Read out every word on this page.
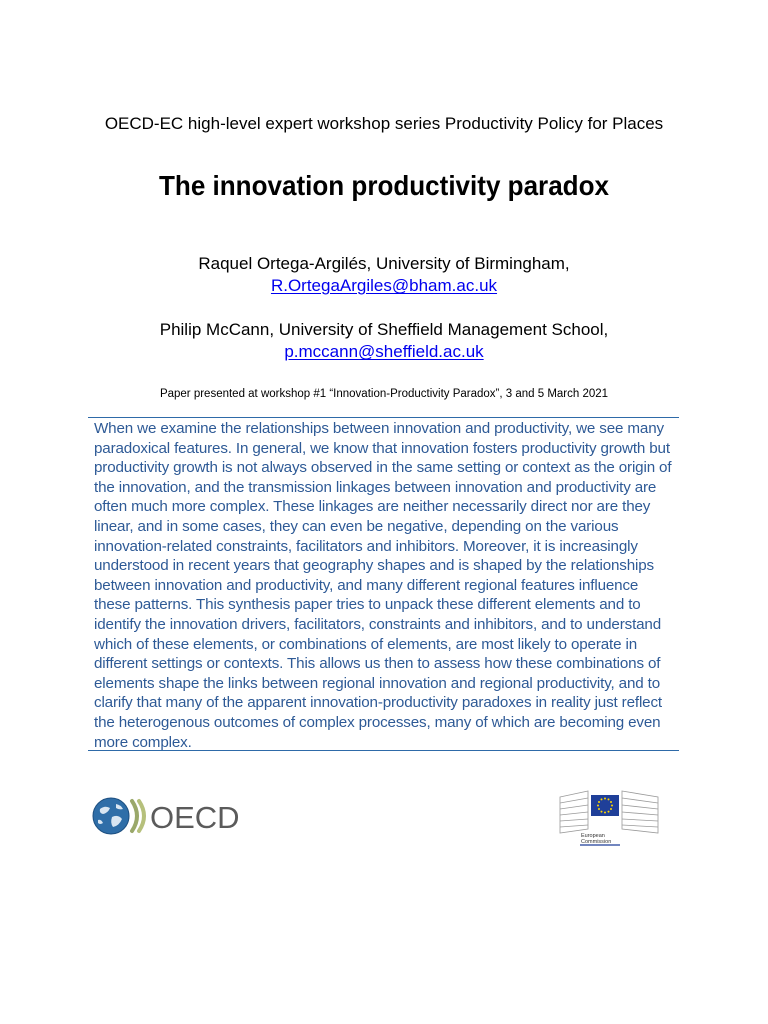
OECD-EC high-level expert workshop series Productivity Policy for Places
The innovation productivity paradox
Raquel Ortega-Argilés, University of Birmingham,
R.OrtegaArgiles@bham.ac.uk
Philip McCann, University of Sheffield Management School,
p.mccann@sheffield.ac.uk
Paper presented at workshop #1 “Innovation-Productivity Paradox”, 3 and 5 March 2021
When we examine the relationships between innovation and productivity, we see many
paradoxical features. In general, we know that innovation fosters productivity growth but
productivity growth is not always observed in the same setting or context as the origin of
the innovation, and the transmission linkages between innovation and productivity are
often much more complex. These linkages are neither necessarily direct nor are they
linear, and in some cases, they can even be negative, depending on the various
innovation-related constraints, facilitators and inhibitors. Moreover, it is increasingly
understood in recent years that geography shapes and is shaped by the relationships
between innovation and productivity, and many different regional features influence
these patterns. This synthesis paper tries to unpack these different elements and to
identify the innovation drivers, facilitators, constraints and inhibitors, and to understand
which of these elements, or combinations of elements, are most likely to operate in
different settings or contexts. This allows us then to assess how these combinations of
elements shape the links between regional innovation and regional productivity, and to
clarify that many of the apparent innovation-productivity paradoxes in reality just reflect
the heterogenous outcomes of complex processes, many of which are becoming even
more complex.
OECD
European
Commission
